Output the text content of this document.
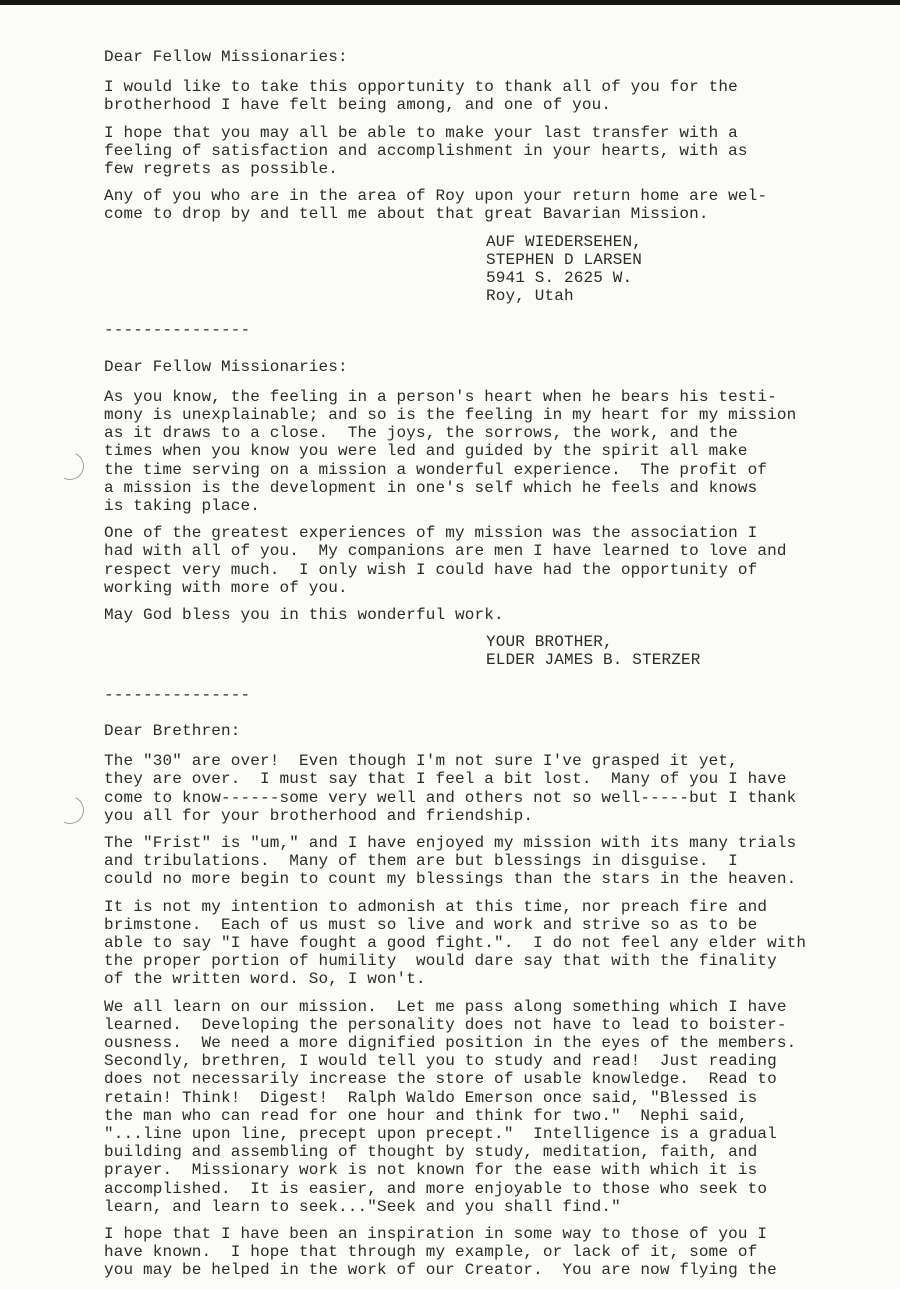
Dear Fellow Missionaries:
I would like to take this opportunity to thank all of you for the
brotherhood I have felt being among, and one of you.
I hope that you may all be able to make your last transfer with a
feeling of satisfaction and accomplishment in your hearts, with as
few regrets as possible.
Any of you who are in the area of Roy upon your return home are wel-
come to drop by and tell me about that great Bavarian Mission.
AUF WIEDERSEHEN,
STEPHEN D LARSEN
5941 S. 2625 W.
Roy, Utah
---------------
Dear Fellow Missionaries:
As you know, the feeling in a person's heart when he bears his testi-
mony is unexplainable; and so is the feeling in my heart for my mission
as it draws to a close.  The joys, the sorrows, the work, and the
times when you know you were led and guided by the spirit all make
the time serving on a mission a wonderful experience.  The profit of
a mission is the development in one's self which he feels and knows
is taking place.
One of the greatest experiences of my mission was the association I
had with all of you.  My companions are men I have learned to love and
respect very much.  I only wish I could have had the opportunity of
working with more of you.
May God bless you in this wonderful work.
YOUR BROTHER,
ELDER JAMES B. STERZER
---------------
Dear Brethren:
The "30" are over!  Even though I'm not sure I've grasped it yet,
they are over.  I must say that I feel a bit lost.  Many of you I have
come to know------some very well and others not so well-----but I thank
you all for your brotherhood and friendship.
The "Frist" is "um," and I have enjoyed my mission with its many trials
and tribulations.  Many of them are but blessings in disguise.  I
could no more begin to count my blessings than the stars in the heaven.
It is not my intention to admonish at this time, nor preach fire and
brimstone.  Each of us must so live and work and strive so as to be
able to say "I have fought a good fight.".  I do not feel any elder with
the proper portion of humility  would dare say that with the finality
of the written word. So, I won't.
We all learn on our mission.  Let me pass along something which I have
learned.  Developing the personality does not have to lead to boister-
ousness.  We need a more dignified position in the eyes of the members.
Secondly, brethren, I would tell you to study and read!  Just reading
does not necessarily increase the store of usable knowledge.  Read to
retain! Think!  Digest!  Ralph Waldo Emerson once said, "Blessed is
the man who can read for one hour and think for two."  Nephi said,
"...line upon line, precept upon precept."  Intelligence is a gradual
building and assembling of thought by study, meditation, faith, and
prayer.  Missionary work is not known for the ease with which it is
accomplished.  It is easier, and more enjoyable to those who seek to
learn, and learn to seek..."Seek and you shall find."
I hope that I have been an inspiration in some way to those of you I
have known.  I hope that through my example, or lack of it, some of
you may be helped in the work of our Creator.  You are now flying the
